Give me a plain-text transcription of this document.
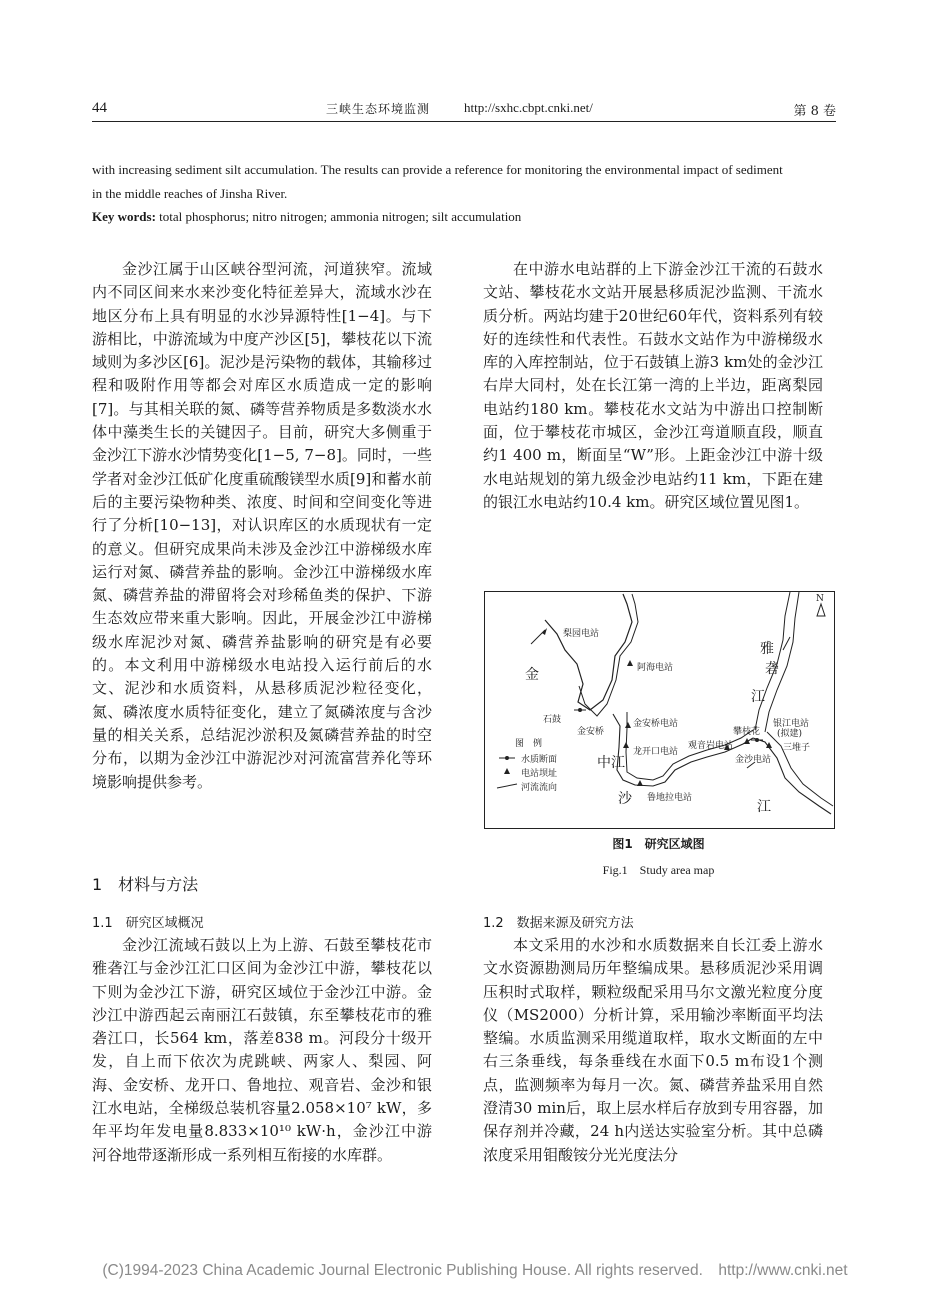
44	三峡生态环境监测	http://sxhc.cbpt.cnki.net/	第 8 卷
with increasing sediment silt accumulation. The results can provide a reference for monitoring the environmental impact of sediment
in the middle reaches of Jinsha River.
Key words: total phosphorus; nitro nitrogen; ammonia nitrogen; silt accumulation

金沙江属于山区峡谷型河流，河道狭窄。流域内不同区间来水来沙变化特征差异大，流域水沙在地区分布上具有明显的水沙异源特性[1−4]。与下游相比，中游流域为中度产沙区[5]，攀枝花以下流域则为多沙区[6]。泥沙是污染物的载体，其输移过程和吸附作用等都会对库区水质造成一定的影响[7]。与其相关联的氮、磷等营养物质是多数淡水水体中藻类生长的关键因子。目前，研究大多侧重于金沙江下游水沙情势变化[1−5, 7−8]。同时，一些学者对金沙江低矿化度重硫酸镁型水质[9]和蓄水前后的主要污染物种类、浓度、时间和空间变化等进行了分析[10−13]，对认识库区的水质现状有一定的意义。但研究成果尚未涉及金沙江中游梯级水库运行对氮、磷营养盐的影响。金沙江中游梯级水库氮、磷营养盐的滞留将会对珍稀鱼类的保护、下游生态效应带来重大影响。因此，开展金沙江中游梯级水库泥沙对氮、磷营养盐影响的研究是有必要的。本文利用中游梯级水电站投入运行前后的水文、泥沙和水质资料，从悬移质泥沙粒径变化，氮、磷浓度水质特征变化，建立了氮磷浓度与含沙量的相关关系，总结泥沙淤积及氮磷营养盐的时空分布，以期为金沙江中游泥沙对河流富营养化等环境影响提供参考。

1　材料与方法
1.1　研究区域概况

金沙江流域石鼓以上为上游、石鼓至攀枝花市雅砻江与金沙江汇口区间为金沙江中游，攀枝花以下则为金沙江下游，研究区域位于金沙江中游。金沙江中游西起云南丽江石鼓镇，东至攀枝花市的雅砻江口，长564 km，落差838 m。河段分十级开发，自上而下依次为虎跳峡、两家人、梨园、阿海、金安桥、龙开口、鲁地拉、观音岩、金沙和银江水电站，全梯级总装机容量2.058×10⁷ kW，多年平均年发电量8.833×10¹⁰ kW·h，金沙江中游河谷地带逐渐形成一系列相互衔接的水库群。

在中游水电站群的上下游金沙江干流的石鼓水文站、攀枝花水文站开展悬移质泥沙监测、干流水质分析。两站均建于20世纪60年代，资料系列有较好的连续性和代表性。石鼓水文站作为中游梯级水库的入库控制站，位于石鼓镇上游3 km处的金沙江右岸大同村，处在长江第一湾的上半边，距离梨园电站约180 km。攀枝花水文站为中游出口控制断面，位于攀枝花市城区，金沙江弯道顺直段，顺直约1 400 m，断面呈“W”形。上距金沙江中游十级水电站规划的第九级金沙电站约11 km，下距在建的银江水电站约10.4 km。研究区域位置见图1。

N
梨园电站
阿海电站
金
石鼓
金安桥
金安桥电站
龙开口电站
中江
观音岩电站
攀枝花
银江电站
(拟建)
三堆子
金沙电站
鲁地拉电站
沙	江
雅
砻
江
图　例
水质断面
电站坝址
河流流向
图1　研究区域图
Fig.1　Study area map
1.2　数据来源及研究方法

本文采用的水沙和水质数据来自长江委上游水文水资源勘测局历年整编成果。悬移质泥沙采用调压积时式取样，颗粒级配采用马尔文激光粒度分度仪（MS2000）分析计算，采用输沙率断面平均法整编。水质监测采用缆道取样，取水文断面的左中右三条垂线，每条垂线在水面下0.5 m布设1个测点，监测频率为每月一次。氮、磷营养盐采用自然澄清30 min后，取上层水样后存放到专用容器，加保存剂并冷藏，24 h内送达实验室分析。其中总磷浓度采用钼酸铵分光光度法分

(C)1994-2023 China Academic Journal Electronic Publishing House. All rights reserved.　http://www.cnki.net
